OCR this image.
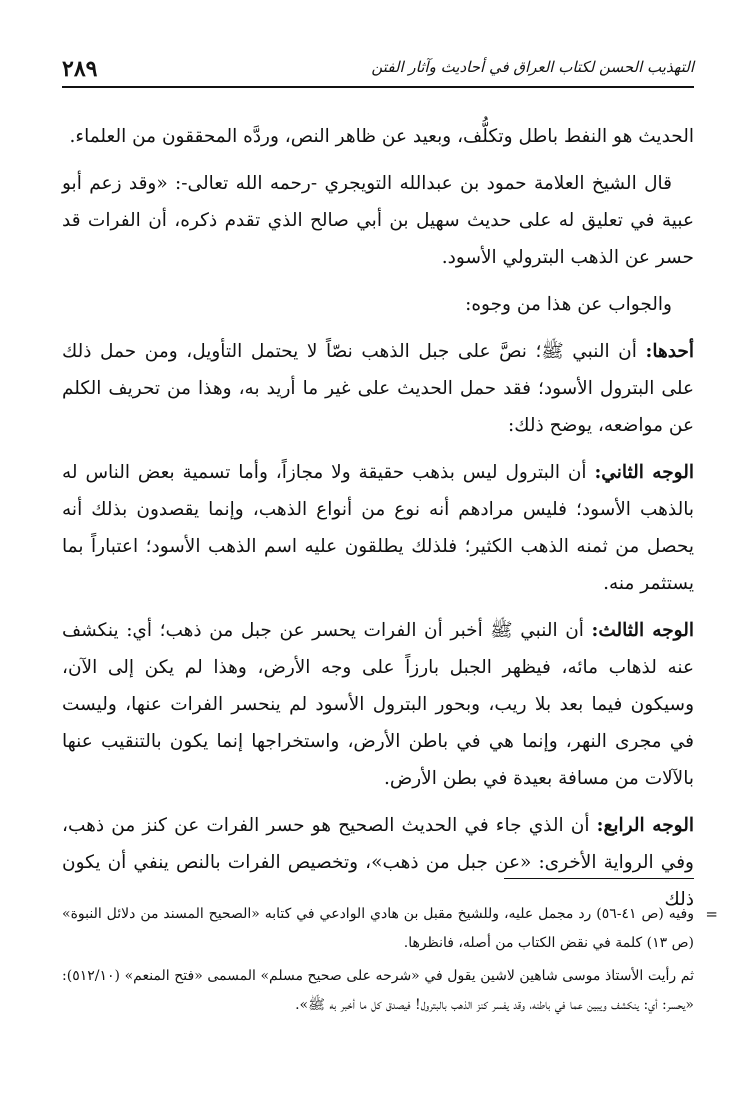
٢٨٩	التهذيب الحسن لكتاب العراق في أحاديث وآثار الفتن

الحديث هو النفط باطل وتكلُّف، وبعيد عن ظاهر النص، وردَّه المحققون من العلماء.

قال الشيخ العلامة حمود بن عبدالله التويجري -رحمه الله تعالى-: «وقد زعم أبو عبية في تعليق له على حديث سهيل بن أبي صالح الذي تقدم ذكره، أن الفرات قد حسر عن الذهب البترولي الأسود.

والجواب عن هذا من وجوه:

أحدها: أن النبي ﷺ؛ نصَّ على جبل الذهب نصّاً لا يحتمل التأويل، ومن حمل ذلك على البترول الأسود؛ فقد حمل الحديث على غير ما أريد به، وهذا من تحريف الكلم عن مواضعه، يوضح ذلك:

الوجه الثاني: أن البترول ليس بذهب حقيقة ولا مجازاً، وأما تسمية بعض الناس له بالذهب الأسود؛ فليس مرادهم أنه نوع من أنواع الذهب، وإنما يقصدون بذلك أنه يحصل من ثمنه الذهب الكثير؛ فلذلك يطلقون عليه اسم الذهب الأسود؛ اعتباراً بما يستثمر منه.

الوجه الثالث: أن النبي ﷺ أخبر أن الفرات يحسر عن جبل من ذهب؛ أي: ينكشف عنه لذهاب مائه، فيظهر الجبل بارزاً على وجه الأرض، وهذا لم يكن إلى الآن، وسيكون فيما بعد بلا ريب، وبحور البترول الأسود لم ينحسر الفرات عنها، وليست في مجرى النهر، وإنما هي في باطن الأرض، واستخراجها إنما يكون بالتنقيب عنها بالآلات من مسافة بعيدة في بطن الأرض.

الوجه الرابع: أن الذي جاء في الحديث الصحيح هو حسر الفرات عن كنز من ذهب، وفي الرواية الأخرى: «عن جبل من ذهب»، وتخصيص الفرات بالنص ينفي أن يكون ذلك

=
وفيه (ص ٤١-٥٦) رد مجمل عليه، وللشيخ مقبل بن هادي الوادعي في كتابه «الصحيح المسند من دلائل النبوة» (ص ١٣) كلمة في نقض الكتاب من أصله، فانظرها.

ثم رأيت الأستاذ موسى شاهين لاشين يقول في «شرحه على صحيح مسلم» المسمى «فتح المنعم» (٥١٢/١٠): «يحسر: أي: ينكشف ويبين عما في باطنه، وقد يفسر كنز الذهب بالبترول! فيصدق كل ما أخبر به ﷺ».
